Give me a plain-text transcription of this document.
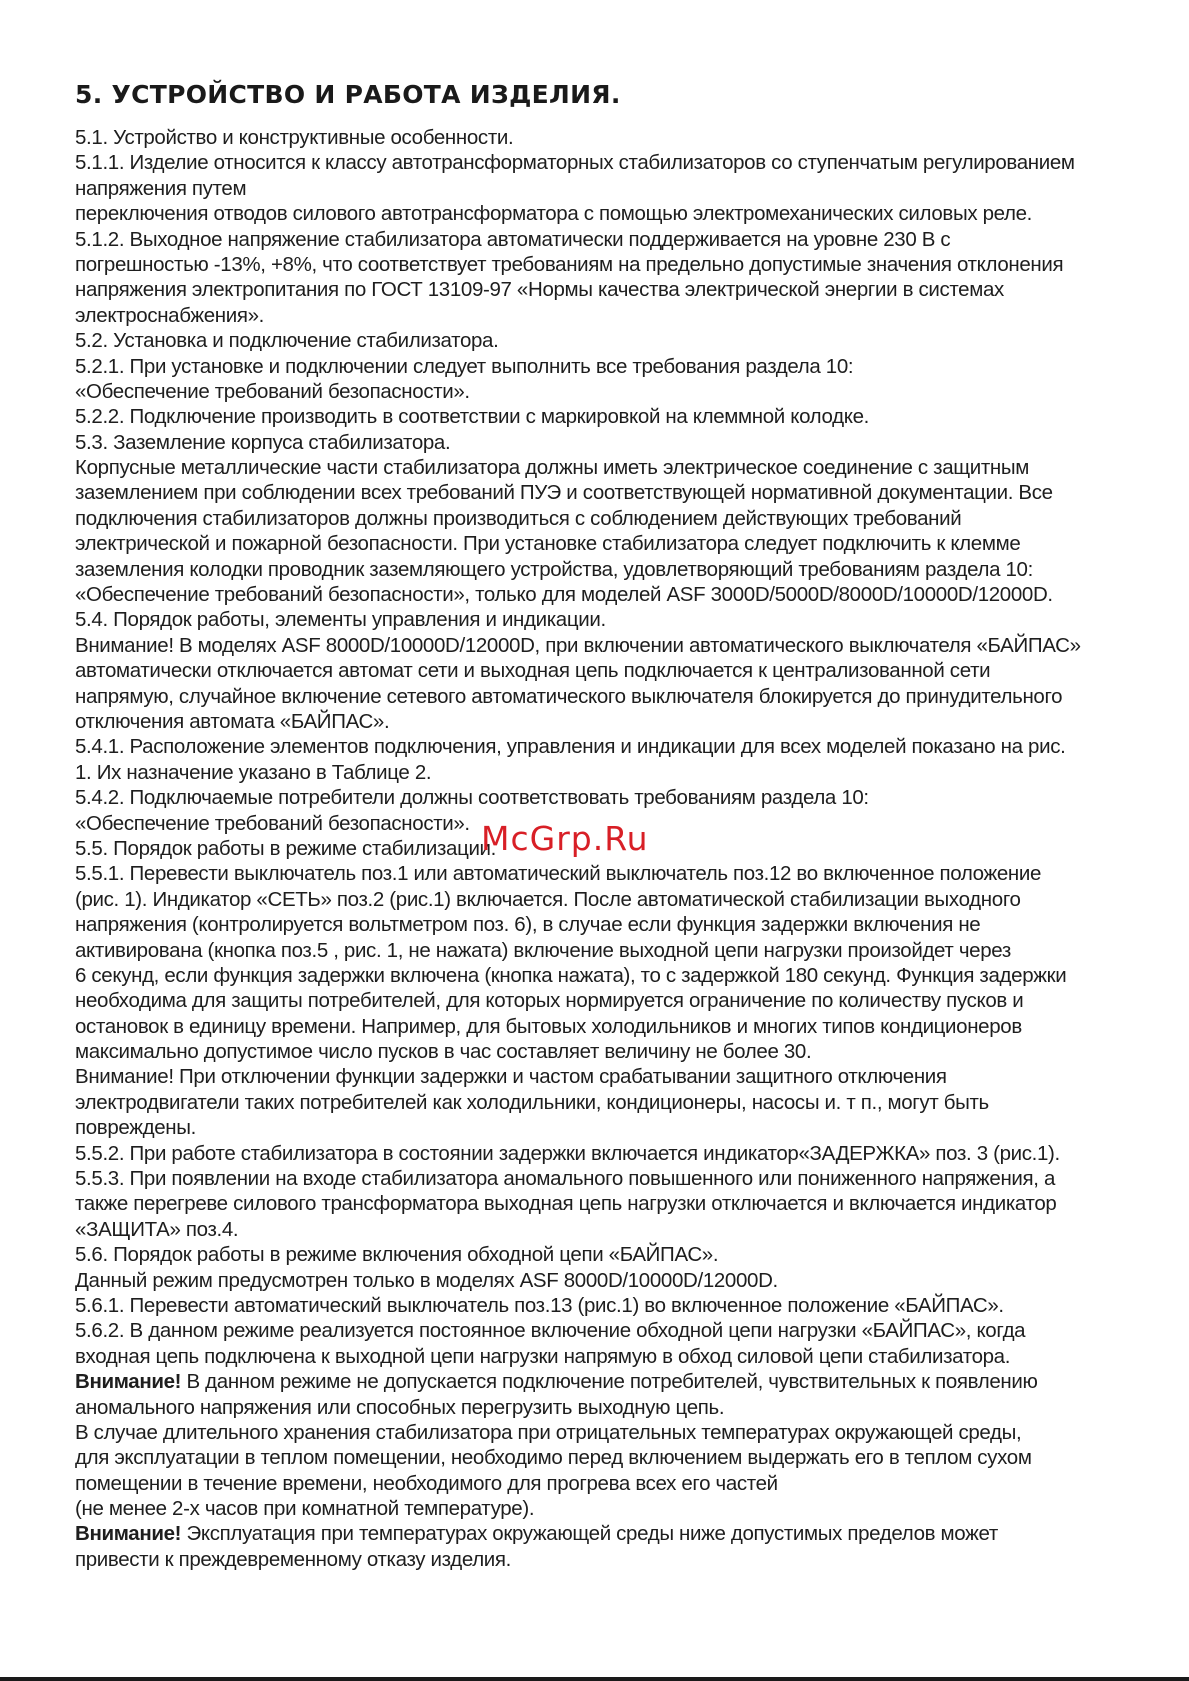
5. УСТРОЙСТВО И РАБОТА ИЗДЕЛИЯ.
5.1. Устройство и конструктивные особенности.
5.1.1. Изделие относится к классу автотрансформаторных стабилизаторов со ступенчатым регулированием
напряжения путем
переключения отводов силового автотрансформатора с помощью электромеханических силовых реле.
5.1.2. Выходное напряжение стабилизатора автоматически поддерживается на уровне 230 В с
погрешностью -13%, +8%, что соответствует требованиям на предельно допустимые значения отклонения
напряжения электропитания по ГОСТ 13109-97 «Нормы качества электрической энергии в системах
электроснабжения».
5.2. Установка и подключение стабилизатора.
5.2.1. При установке и подключении следует выполнить все требования раздела 10:
«Обеспечение требований безопасности».
5.2.2. Подключение производить в соответствии с маркировкой на клеммной колодке.
5.3. Заземление корпуса стабилизатора.
Корпусные металлические части стабилизатора должны иметь электрическое соединение с защитным
заземлением при соблюдении всех требований ПУЭ и соответствующей нормативной документации. Все
подключения стабилизаторов должны производиться с соблюдением действующих требований
электрической и пожарной безопасности. При установке стабилизатора следует подключить к клемме
заземления колодки проводник заземляющего устройства, удовлетворяющий требованиям раздела 10:
«Обеспечение требований безопасности», только для моделей ASF 3000D/5000D/8000D/10000D/12000D.
5.4. Порядок работы, элементы управления и индикации.
Внимание! В моделях ASF 8000D/10000D/12000D, при включении автоматического выключателя «БАЙПАС»
автоматически отключается автомат сети и выходная цепь подключается к централизованной сети
напрямую, случайное включение сетевого автоматического выключателя блокируется до принудительного
отключения автомата «БАЙПАС».
5.4.1. Расположение элементов подключения, управления и индикации для всех моделей показано на рис.
1. Их назначение указано в Таблице 2.
5.4.2. Подключаемые потребители должны соответствовать требованиям раздела 10:
«Обеспечение требований безопасности».
5.5. Порядок работы в режиме стабилизации.
5.5.1. Перевести выключатель поз.1 или автоматический выключатель поз.12 во включенное положение
(рис. 1). Индикатор «СЕТЬ» поз.2 (рис.1) включается. После автоматической стабилизации выходного
напряжения (контролируется вольтметром поз. 6), в случае если функция задержки включения не
активирована (кнопка поз.5 , рис. 1, не нажата) включение выходной цепи нагрузки произойдет через
6 секунд, если функция задержки включена (кнопка нажата), то с задержкой 180 секунд. Функция задержки
необходима для защиты потребителей, для которых нормируется ограничение по количеству пусков и
остановок в единицу времени. Например, для бытовых холодильников и многих типов кондиционеров
максимально допустимое число пусков в час составляет величину не более 30.
Внимание! При отключении функции задержки и частом срабатывании защитного отключения
электродвигатели таких потребителей как холодильники, кондиционеры, насосы и. т п., могут быть
повреждены.
5.5.2. При работе стабилизатора в состоянии задержки включается индикатор«ЗАДЕРЖКА» поз. 3 (рис.1).
5.5.3. При появлении на входе стабилизатора аномального повышенного или пониженного напряжения, а
также перегреве силового трансформатора выходная цепь нагрузки отключается и включается индикатор
«ЗАЩИТА» поз.4.
5.6. Порядок работы в режиме включения обходной цепи «БАЙПАС».
Данный режим предусмотрен только в моделях ASF 8000D/10000D/12000D.
5.6.1. Перевести автоматический выключатель поз.13 (рис.1) во включенное положение «БАЙПАС».
5.6.2. В данном режиме реализуется постоянное включение обходной цепи нагрузки «БАЙПАС», когда
входная цепь подключена к выходной цепи нагрузки напрямую в обход силовой цепи стабилизатора.
Внимание! В данном режиме не допускается подключение потребителей, чувствительных к появлению
аномального напряжения или способных перегрузить выходную цепь.
В случае длительного хранения стабилизатора при отрицательных температурах окружающей среды,
для эксплуатации в теплом помещении, необходимо перед включением выдержать его в теплом сухом
помещении в течение времени, необходимого для прогрева всех его частей
(не менее 2-х часов при комнатной температуре).
Внимание! Эксплуатация при температурах окружающей среды ниже допустимых пределов может
привести к преждевременному отказу изделия.
McGrp.Ru
